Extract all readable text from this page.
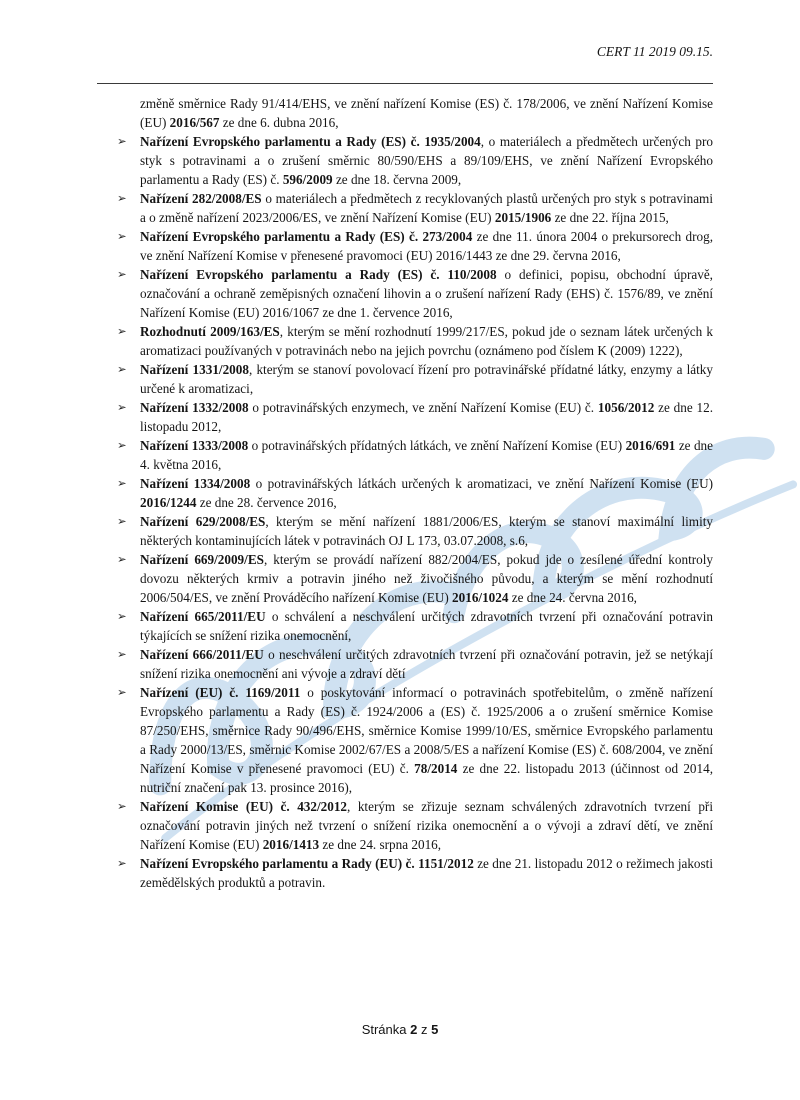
CERT 11 2019 09.15.

změně směrnice Rady 91/414/EHS, ve znění nařízení Komise (ES) č. 178/2006, ve znění Nařízení Komise (EU) 2016/567 ze dne 6. dubna 2016,

➢	Nařízení Evropského parlamentu a Rady (ES) č. 1935/2004, o materiálech a předmětech určených pro styk s potravinami a o zrušení směrnic 80/590/EHS a 89/109/EHS, ve znění Nařízení Evropského parlamentu a Rady (ES) č. 596/2009 ze dne 18. června 2009,
➢	Nařízení 282/2008/ES o materiálech a předmětech z recyklovaných plastů určených pro styk s potravinami a o změně nařízení 2023/2006/ES, ve znění Nařízení Komise (EU) 2015/1906 ze dne 22. října 2015,
➢	Nařízení Evropského parlamentu a Rady (ES) č. 273/2004 ze dne 11. února 2004 o prekursorech drog, ve znění Nařízení Komise v přenesené pravomoci (EU) 2016/1443 ze dne 29. června 2016,
➢	Nařízení Evropského parlamentu a Rady (ES) č. 110/2008 o definici, popisu, obchodní úpravě, označování a ochraně zeměpisných označení lihovin a o zrušení nařízení Rady (EHS) č. 1576/89, ve znění Nařízení Komise (EU) 2016/1067 ze dne 1. července 2016,
➢	Rozhodnutí 2009/163/ES, kterým se mění rozhodnutí 1999/217/ES, pokud jde o seznam látek určených k aromatizaci používaných v potravinách nebo na jejich povrchu (oznámeno pod číslem K (2009) 1222),
➢	Nařízení 1331/2008, kterým se stanoví povolovací řízení pro potravinářské přídatné látky, enzymy a látky určené k aromatizaci,
➢	Nařízení 1332/2008 o potravinářských enzymech, ve znění Nařízení Komise (EU) č. 1056/2012 ze dne 12. listopadu 2012,
➢	Nařízení 1333/2008 o potravinářských přídatných látkách, ve znění Nařízení Komise (EU) 2016/691 ze dne 4. května 2016,
➢	Nařízení 1334/2008 o potravinářských látkách určených k aromatizaci, ve znění Nařízení Komise (EU) 2016/1244 ze dne 28. července 2016,
➢	Nařízení 629/2008/ES, kterým se mění nařízení 1881/2006/ES, kterým se stanoví maximální limity některých kontaminujících látek v potravinách OJ L 173, 03.07.2008, s.6,
➢	Nařízení 669/2009/ES, kterým se provádí nařízení 882/2004/ES, pokud jde o zesílené úřední kontroly dovozu některých krmiv a potravin jiného než živočišného původu, a kterým se mění rozhodnutí 2006/504/ES, ve znění Prováděcího nařízení Komise (EU) 2016/1024 ze dne 24. června 2016,
➢	Nařízení 665/2011/EU o schválení a neschválení určitých zdravotních tvrzení při označování potravin týkajících se snížení rizika onemocnění,
➢	Nařízení 666/2011/EU o neschválení určitých zdravotních tvrzení při označování potravin, jež se netýkají snížení rizika onemocnění ani vývoje a zdraví dětí
➢	Nařízení (EU) č. 1169/2011 o poskytování informací o potravinách spotřebitelům, o změně nařízení Evropského parlamentu a Rady (ES) č. 1924/2006 a (ES) č. 1925/2006 a o zrušení směrnice Komise 87/250/EHS, směrnice Rady 90/496/EHS, směrnice Komise 1999/10/ES, směrnice Evropského parlamentu a Rady 2000/13/ES, směrnic Komise 2002/67/ES a 2008/5/ES a nařízení Komise (ES) č. 608/2004, ve znění Nařízení Komise v přenesené pravomoci (EU) č. 78/2014 ze dne 22. listopadu 2013 (účinnost od 2014, nutriční značení pak 13. prosince 2016),
➢	Nařízení Komise (EU) č. 432/2012, kterým se zřizuje seznam schválených zdravotních tvrzení při označování potravin jiných než tvrzení o snížení rizika onemocnění a o vývoji a zdraví dětí, ve znění Nařízení Komise (EU) 2016/1413 ze dne 24. srpna 2016,
➢	Nařízení Evropského parlamentu a Rady (EU) č. 1151/2012 ze dne 21. listopadu 2012 o režimech jakosti zemědělských produktů a potravin.
Stránka 2 z 5
